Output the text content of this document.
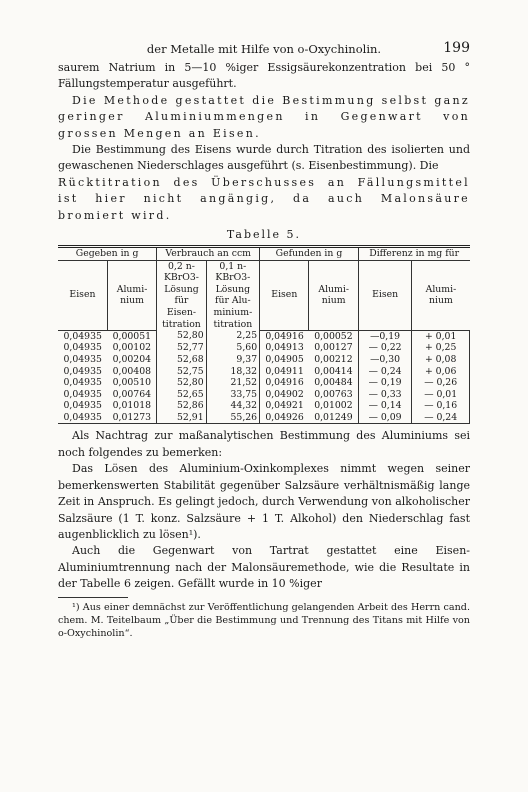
der Metalle mit Hilfe von o-Oxychinolin.	199

saurem Natrium in 5—10 %iger Essigsäurekonzentration bei 50 ° Fällungstemperatur ausgeführt.

Die Methode gestattet die Bestimmung selbst ganz geringer Aluminiummengen in Gegenwart von grossen Mengen an Eisen.

Die Bestimmung des Eisens wurde durch Titration des isolierten und gewaschenen Niederschlages ausgeführt (s. Eisenbestimmung). Die

Rücktitration des Überschusses an Fällungsmittel ist hier nicht angängig, da auch Malonsäure bromiert wird.

Tabelle 5.
Gegeben in g		Verbrauch an ccm		Gefunden in g		Differenz in mg für	
		0,2 n-KBrO3-Lösung für Eisen-titration	0,1 n-KBrO3-Lösung für Alu-minium-titration				
Eisen	Alumi-nium			Eisen	Alumi-nium	Eisen	Alumi-nium
0,04935	0,00051	52,80	2,25	0,04916	0,00052	—0,19	+ 0,01
0,04935	0,00102	52,77	5,60	0,04913	0,00127	— 0,22	+ 0,25
0,04935	0,00204	52,68	9,37	0,04905	0,00212	—0,30	+ 0,08
0,04935	0,00408	52,75	18,32	0,04911	0,00414	— 0,24	+ 0,06
0,04935	0,00510	52,80	21,52	0,04916	0,00484	— 0,19	— 0,26
0,04935	0,00764	52,65	33,75	0,04902	0,00763	— 0,33	— 0,01
0,04935	0,01018	52,86	44,32	0,04921	0,01002	— 0,14	— 0,16
0,04935	0,01273	52,91	55,26	0,04926	0,01249	— 0,09	— 0,24

Als Nachtrag zur maßanalytischen Bestimmung des Aluminiums sei noch folgendes zu bemerken:

Das Lösen des Aluminium-Oxinkomplexes nimmt wegen seiner bemerkenswerten Stabilität gegenüber Salzsäure verhältnismäßig lange Zeit in Anspruch. Es gelingt jedoch, durch Verwendung von alkoholischer Salzsäure (1 T. konz. Salzsäure + 1 T. Alkohol) den Niederschlag fast augenblicklich zu lösen¹).

Auch die Gegenwart von Tartrat gestattet eine Eisen-Aluminiumtrennung nach der Malonsäuremethode, wie die Resultate in der Tabelle 6 zeigen. Gefällt wurde in 10 %iger

¹) Aus einer demnächst zur Veröffentlichung gelangenden Arbeit des Herrn cand. chem. M. Teitelbaum „Über die Bestimmung und Trennung des Titans mit Hilfe von o-Oxychinolin“.
